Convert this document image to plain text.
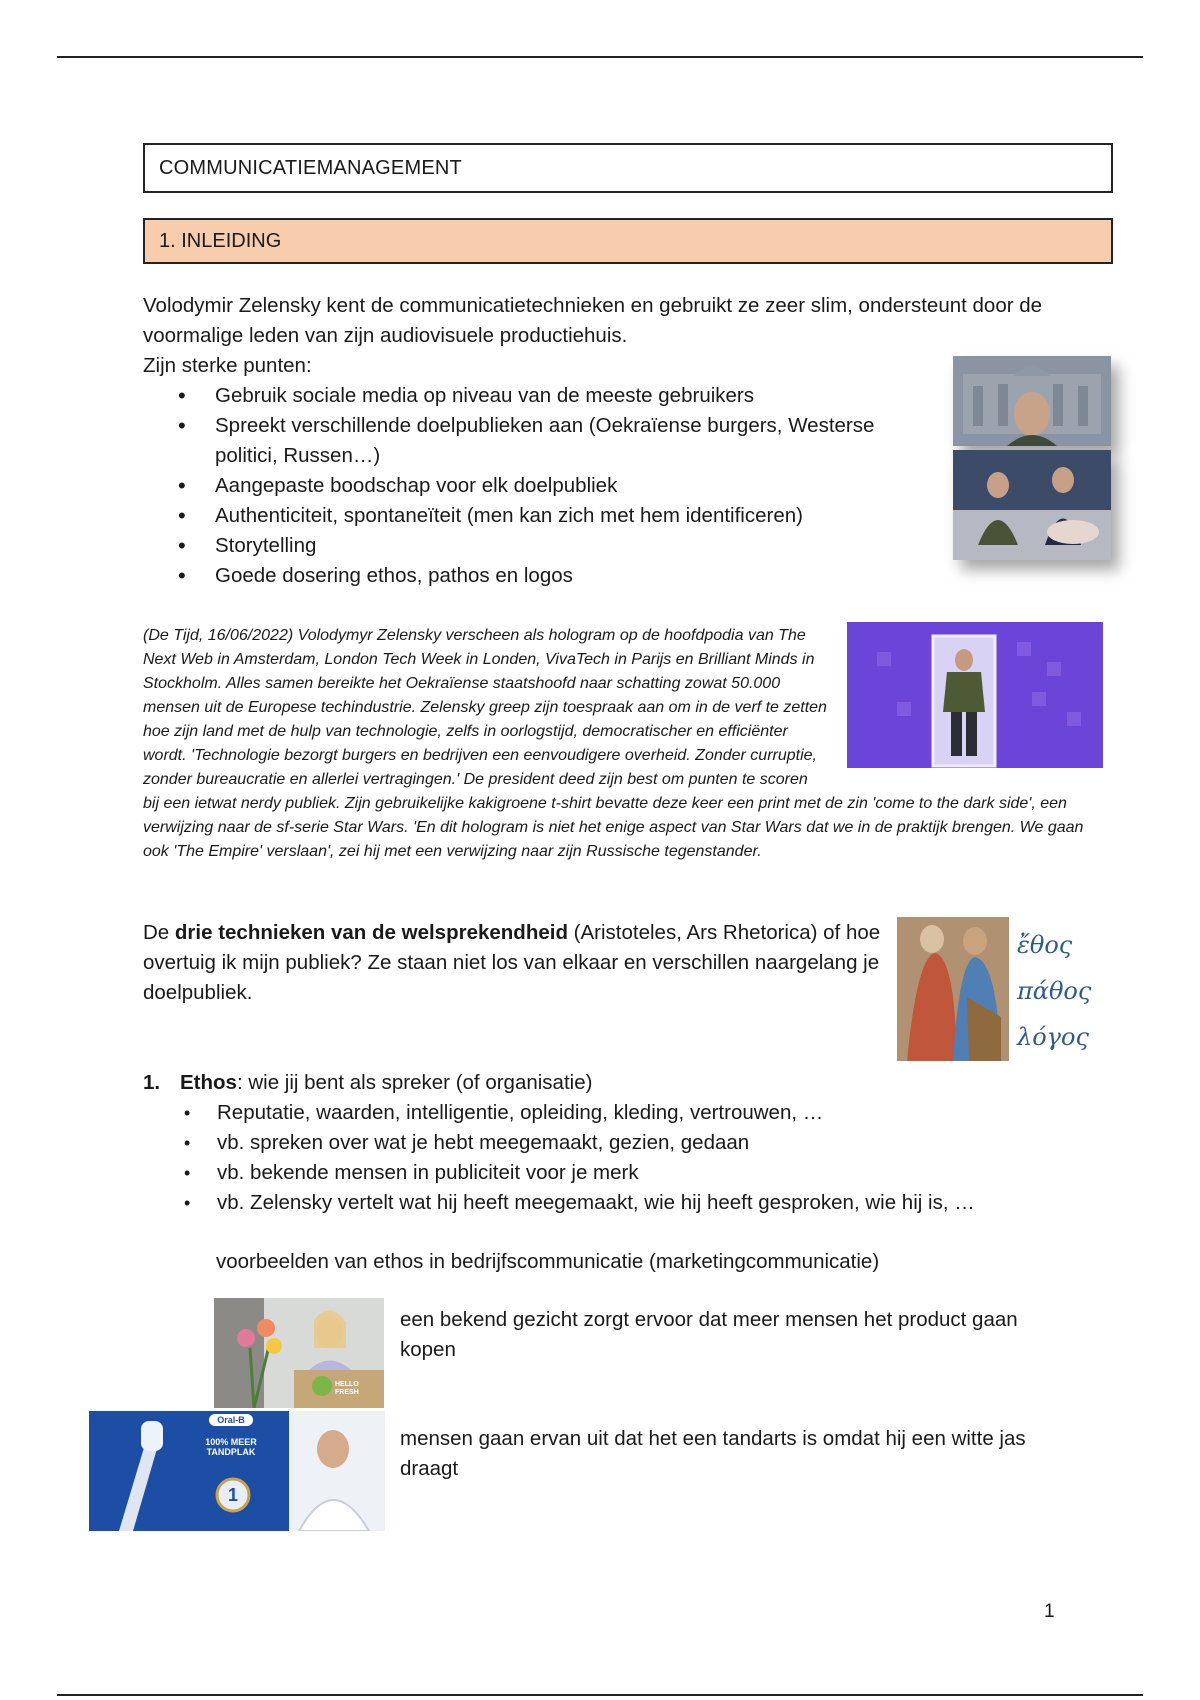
COMMUNICATIEMANAGEMENT
1. INLEIDING

Volodymir Zelensky kent de communicatietechnieken en gebruikt ze zeer slim, ondersteunt door de voormalige leden van zijn audiovisuele productiehuis.
Zijn sterke punten:

• Gebruik sociale media op niveau van de meeste gebruikers
• Spreekt verschillende doelpublieken aan (Oekraïense burgers, Westerse politici, Russen…)
• Aangepaste boodschap voor elk doelpubliek
• Authenticiteit, spontaneïteit (men kan zich met hem identificeren)
• Storytelling
• Goede dosering ethos, pathos en logos
(De Tijd, 16/06/2022) Volodymyr Zelensky verscheen als hologram op de hoofdpodia van The Next Web in Amsterdam, London Tech Week in Londen, VivaTech in Parijs en Brilliant Minds in Stockholm. Alles samen bereikte het Oekraïense staatshoofd naar schatting zowat 50.000 mensen uit de Europese techindustrie. Zelensky greep zijn toespraak aan om in de verf te zetten hoe zijn land met de hulp van technologie, zelfs in oorlogstijd, democratischer en efficiënter wordt. 'Technologie bezorgt burgers en bedrijven een eenvoudigere overheid. Zonder curruptie, zonder bureaucratie en allerlei vertragingen.' De president deed zijn best om punten te scoren bij een ietwat nerdy publiek. Zijn gebruikelijke kakigroene t-shirt bevatte deze keer een print met de zin 'come to the dark side', een verwijzing naar de sf-serie Star Wars. 'En dit hologram is niet het enige aspect van Star Wars dat we in de praktijk brengen. We gaan ook 'The Empire' verslaan', zei hij met een verwijzing naar zijn Russische tegenstander.

De drie technieken van de welsprekendheid (Aristoteles, Ars Rhetorica) of hoe overtuig ik mijn publiek? Ze staan niet los van elkaar en verschillen naargelang je doelpubliek.

ἔθος
πάθος
λόγος
1. Ethos: wie jij bent als spreker (of organisatie)
• Reputatie, waarden, intelligentie, opleiding, kleding, vertrouwen, …
• vb. spreken over wat je hebt meegemaakt, gezien, gedaan
• vb. bekende mensen in publiciteit voor je merk
• vb. Zelensky vertelt wat hij heeft meegemaakt, wie hij heeft gesproken, wie hij is, …

voorbeelden van ethos in bedrijfscommunicatie (marketingcommunicatie)

HELLO FRESH

een bekend gezicht zorgt ervoor dat meer mensen het product gaan kopen

Oral-B
100% MEER TANDPLAK
1

mensen gaan ervan uit dat het een tandarts is omdat hij een witte jas draagt

1
